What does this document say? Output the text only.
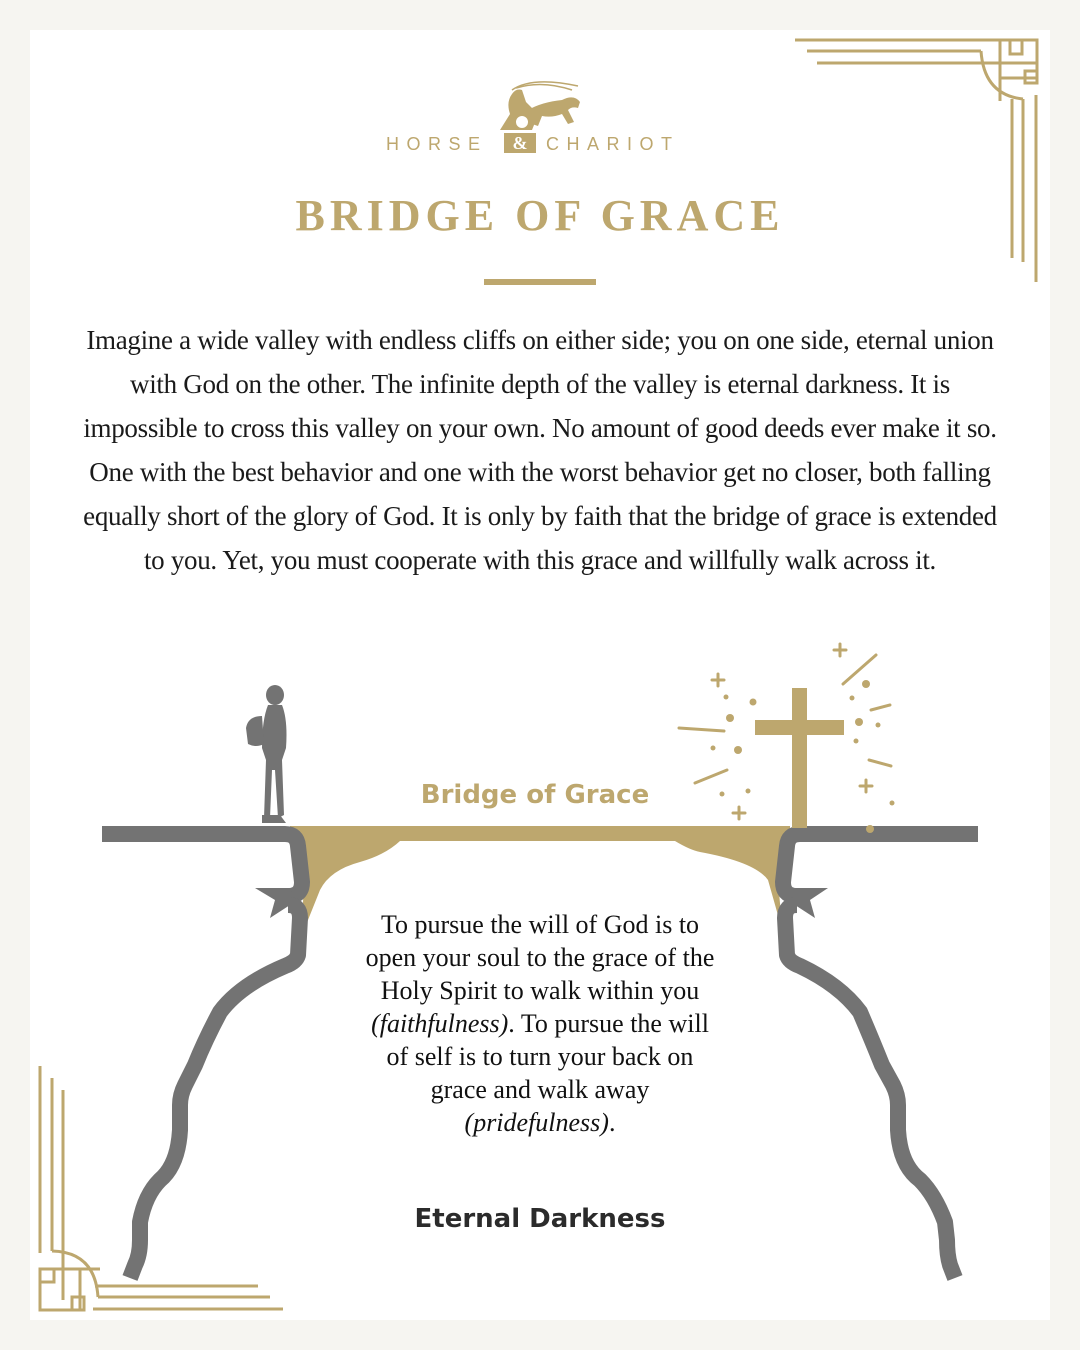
HORSE & CHARIOT
BRIDGE OF GRACE
Imagine a wide valley with endless cliffs on either side; you on one side, eternal union with God on the other. The infinite depth of the valley is eternal darkness. It is impossible to cross this valley on your own. No amount of good deeds ever make it so. One with the best behavior and one with the worst behavior get no closer, both falling equally short of the glory of God. It is only by faith that the bridge of grace is extended to you. Yet, you must cooperate with this grace and willfully walk across it.
Bridge of Grace
To pursue the will of God is to
open your soul to the grace of the
Holy Spirit to walk within you
(faithfulness). To pursue the will
of self is to turn your back on
grace and walk away
(pridefulness).
Eternal Darkness
